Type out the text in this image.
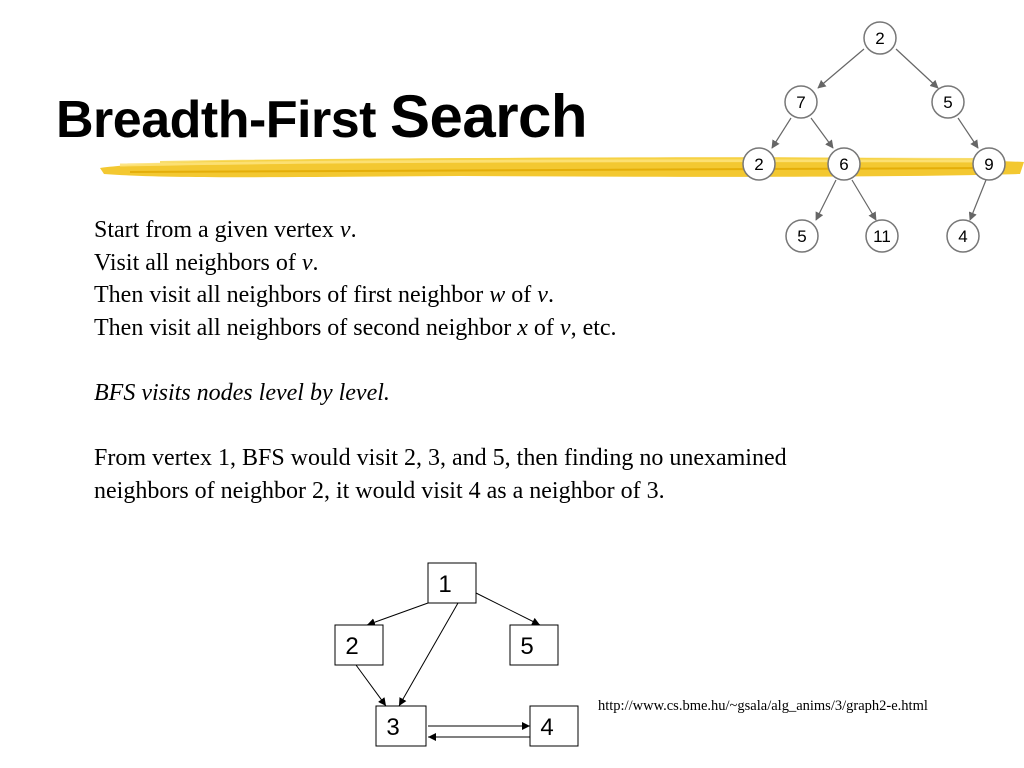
Breadth-First Search
2
7	5
2	6	9
5	11	4

Start from a given vertex v.

Visit all neighbors of v.

Then visit all neighbors of first neighbor w of v.

Then visit all neighbors of second neighbor x of v, etc.

BFS visits nodes level by level.

From vertex 1, BFS would visit 2, 3, and 5, then finding no unexamined

neighbors of neighbor 2, it would visit 4 as a neighbor of 3.

1
2	5
3	4
http://www.cs.bme.hu/~gsala/alg_anims/3/graph2-e.html
